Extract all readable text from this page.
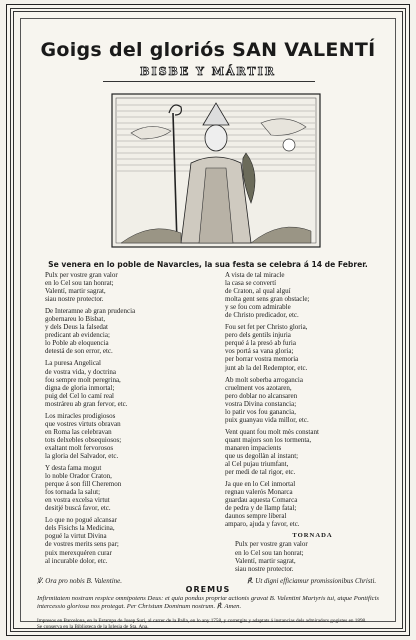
Goigs del gloriós SAN VALENTÍ
BISBE Y MÁRTIR
Se venera en lo poble de Navarcles, la sua festa se celebra á 14 de Febrer.
Pulx per vostre gran valor
en lo Cel sou tan honrat;
Valentí, martir sagrat,
siau nostre protector.
De Interamne ab gran prudencia
gobernareu lo Bisbat,
y dels Deus la falsedat
predicant ab evidencia;
lo Poble ab eloquencia
detestá de son error, etc.
La puresa Angelical
de vostra vida, y doctrina
fou sempre molt peregrina,
digna de gloria inmortal;
puig del Cel lo camí real
mostráreu ab gran fervor, etc.
Los miracles prodigiosos
que vostres virtuts obravan
en Roma las celebravan
tots delxebles obsequiosos;
exaltant molt fervorosos
la gloria del Salvador, etc.
Y desta fama mogut
lo noble Orador Craton,
perque á son fill Cheremon
fos tornada la salut;
en vostra excelsa virtut
desitjé buscá favor, etc.
Lo que no pogué alcansar
dels Fisichs la Medicina,
pogué la virtut Divina
de vostres merits sens par;
puix merexquéren curar
al incurable dolor, etc.
A vista de tal miracle
la casa se convertí
de Craton, al qual alguí
molta gent sens gran obstacle;
y se fou com admirable
de Christo predicador, etc.
Fou set fet per Christo gloria,
pero dels gentils injuria
perqué á la presó ab furia
vos portá sa vana gloria;
per borrar vostra memoria
junt ab la del Redemptor, etc.
Ab molt soberba arrogancia
cruelment vos azotaren,
pero doblar no alcansaren
vostra Divina constancia;
lo patir vos fou ganancia,
puix guanyau vida millor, etc.
Vent quant fou molt mès constant
quant majors son los tormenta,
manaren impacients
que us degollàn al instant;
al Cel pujau triumfant,
per medi de tal rigor, etc.
Ja que en lo Cel inmortal
regnau valerós Monarca
guardau aquesta Comarca
de pedra y de llamp fatal;
daunos sempre liberal
amparo, ajuda y favor, etc.
TORNADA
Pulx per vostre gran valor
en lo Cel sou tan honrat;
Valentí, martir sagrat,
siau nostre protector.
℣. Ora pro nobis B. Valentine.	℟. Ut digni efficiamur promissionibus Christi.
OREMUS
Infirmitatem nostram respice omnipotens Deus: et quia pondus propriæ actionis gravat B. Valentini Martyris tui, atque Pontificis intercessio gloriosa nos protegat. Per Christum Dominum nostrum. ℟. Amen.
Impresos en Barcelona, en la Estampa de Josep Suri, al carrer de la Palla, en lo any 1758, y corretgits y adaptats á instancias dels admiradors gogistes en 1898.
Se conserva en la Biblioteca de la Iglesia de Sta. Ana.
